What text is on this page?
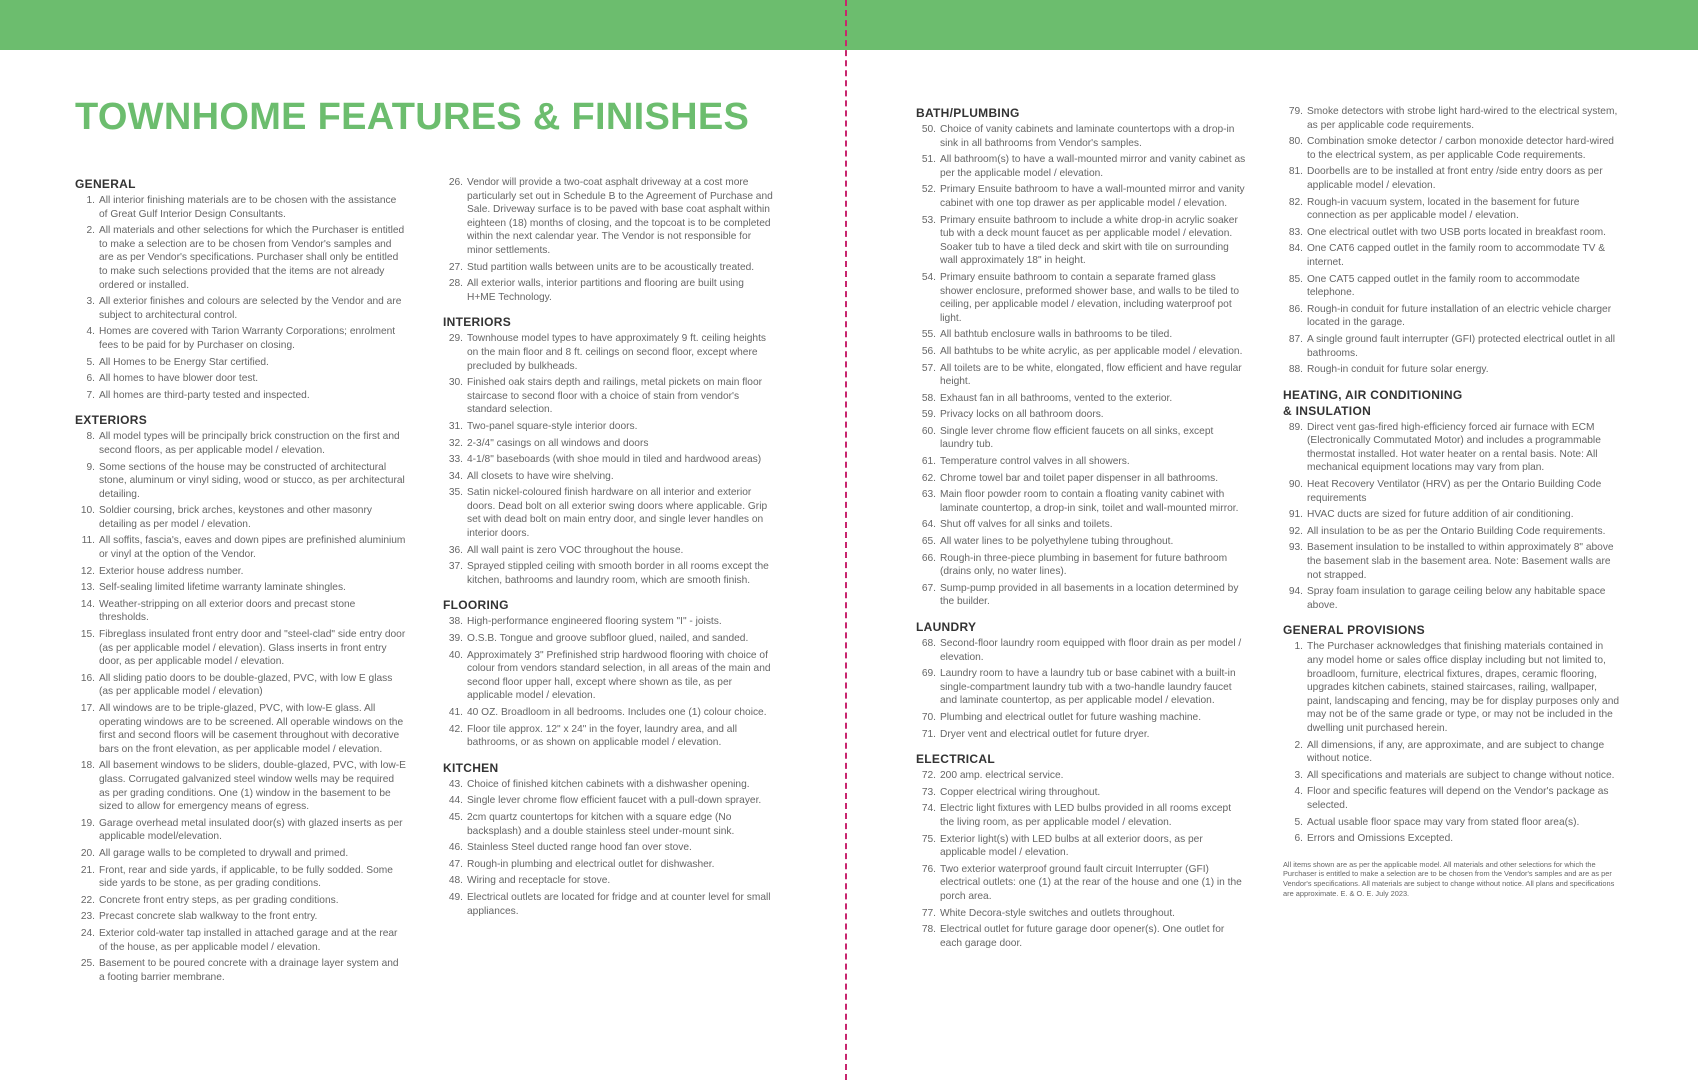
TOWNHOME FEATURES & FINISHES
GENERAL
1. All interior finishing materials are to be chosen with the assistance of Great Gulf Interior Design Consultants.
2. All materials and other selections for which the Purchaser is entitled to make a selection are to be chosen from Vendor's samples and are as per Vendor's specifications. Purchaser shall only be entitled to make such selections provided that the items are not already ordered or installed.
3. All exterior finishes and colours are selected by the Vendor and are subject to architectural control.
4. Homes are covered with Tarion Warranty Corporations; enrolment fees to be paid for by Purchaser on closing.
5. All Homes to be Energy Star certified.
6. All homes to have blower door test.
7. All homes are third-party tested and inspected.
EXTERIORS
8. All model types will be principally brick construction on the first and second floors, as per applicable model / elevation.
9. Some sections of the house may be constructed of architectural stone, aluminum or vinyl siding, wood or stucco, as per architectural detailing.
10. Soldier coursing, brick arches, keystones and other masonry detailing as per model / elevation.
11. All soffits, fascia's, eaves and down pipes are prefinished aluminium or vinyl at the option of the Vendor.
12. Exterior house address number.
13. Self-sealing limited lifetime warranty laminate shingles.
14. Weather-stripping on all exterior doors and precast stone thresholds.
15. Fibreglass insulated front entry door and "steel-clad" side entry door (as per applicable model / elevation). Glass inserts in front entry door, as per applicable model / elevation.
16. All sliding patio doors to be double-glazed, PVC, with low E glass (as per applicable model / elevation)
17. All windows are to be triple-glazed, PVC, with low-E glass. All operating windows are to be screened. All operable windows on the first and second floors will be casement throughout with decorative bars on the front elevation, as per applicable model / elevation.
18. All basement windows to be sliders, double-glazed, PVC, with low-E glass. Corrugated galvanized steel window wells may be required as per grading conditions. One (1) window in the basement to be sized to allow for emergency means of egress.
19. Garage overhead metal insulated door(s) with glazed inserts as per applicable model/elevation.
20. All garage walls to be completed to drywall and primed.
21. Front, rear and side yards, if applicable, to be fully sodded. Some side yards to be stone, as per grading conditions.
22. Concrete front entry steps, as per grading conditions.
23. Precast concrete slab walkway to the front entry.
24. Exterior cold-water tap installed in attached garage and at the rear of the house, as per applicable model / elevation.
25. Basement to be poured concrete with a drainage layer system and a footing barrier membrane.
26. Vendor will provide a two-coat asphalt driveway at a cost more particularly set out in Schedule B to the Agreement of Purchase and Sale. Driveway surface is to be paved with base coat asphalt within eighteen (18) months of closing, and the topcoat is to be completed within the next calendar year. The Vendor is not responsible for minor settlements.
27. Stud partition walls between units are to be acoustically treated.
28. All exterior walls, interior partitions and flooring are built using H+ME Technology.
INTERIORS
29. Townhouse model types to have approximately 9 ft. ceiling heights on the main floor and 8 ft. ceilings on second floor, except where precluded by bulkheads.
30. Finished oak stairs depth and railings, metal pickets on main floor staircase to second floor with a choice of stain from vendor's standard selection.
31. Two-panel square-style interior doors.
32. 2-3/4" casings on all windows and doors
33. 4-1/8" baseboards (with shoe mould in tiled and hardwood areas)
34. All closets to have wire shelving.
35. Satin nickel-coloured finish hardware on all interior and exterior doors. Dead bolt on all exterior swing doors where applicable. Grip set with dead bolt on main entry door, and single lever handles on interior doors.
36. All wall paint is zero VOC throughout the house.
37. Sprayed stippled ceiling with smooth border in all rooms except the kitchen, bathrooms and laundry room, which are smooth finish.
FLOORING
38. High-performance engineered flooring system "I" - joists.
39. O.S.B. Tongue and groove subfloor glued, nailed, and sanded.
40. Approximately 3" Prefinished strip hardwood flooring with choice of colour from vendors standard selection, in all areas of the main and second floor upper hall, except where shown as tile, as per applicable model / elevation.
41. 40 OZ. Broadloom in all bedrooms. Includes one (1) colour choice.
42. Floor tile approx. 12" x 24" in the foyer, laundry area, and all bathrooms, or as shown on applicable model / elevation.
KITCHEN
43. Choice of finished kitchen cabinets with a dishwasher opening.
44. Single lever chrome flow efficient faucet with a pull-down sprayer.
45. 2cm quartz countertops for kitchen with a square edge (No backsplash) and a double stainless steel under-mount sink.
46. Stainless Steel ducted range hood fan over stove.
47. Rough-in plumbing and electrical outlet for dishwasher.
48. Wiring and receptacle for stove.
49. Electrical outlets are located for fridge and at counter level for small appliances.
BATH/PLUMBING
50. Choice of vanity cabinets and laminate countertops with a drop-in sink in all bathrooms from Vendor's samples.
51. All bathroom(s) to have a wall-mounted mirror and vanity cabinet as per the applicable model / elevation.
52. Primary Ensuite bathroom to have a wall-mounted mirror and vanity cabinet with one top drawer as per applicable model / elevation.
53. Primary ensuite bathroom to include a white drop-in acrylic soaker tub with a deck mount faucet as per applicable model / elevation. Soaker tub to have a tiled deck and skirt with tile on surrounding wall approximately 18" in height.
54. Primary ensuite bathroom to contain a separate framed glass shower enclosure, preformed shower base, and walls to be tiled to ceiling, per applicable model / elevation, including waterproof pot light.
55. All bathtub enclosure walls in bathrooms to be tiled.
56. All bathtubs to be white acrylic, as per applicable model / elevation.
57. All toilets are to be white, elongated, flow efficient and have regular height.
58. Exhaust fan in all bathrooms, vented to the exterior.
59. Privacy locks on all bathroom doors.
60. Single lever chrome flow efficient faucets on all sinks, except laundry tub.
61. Temperature control valves in all showers.
62. Chrome towel bar and toilet paper dispenser in all bathrooms.
63. Main floor powder room to contain a floating vanity cabinet with laminate countertop, a drop-in sink, toilet and wall-mounted mirror.
64. Shut off valves for all sinks and toilets.
65. All water lines to be polyethylene tubing throughout.
66. Rough-in three-piece plumbing in basement for future bathroom (drains only, no water lines).
67. Sump-pump provided in all basements in a location determined by the builder.
LAUNDRY
68. Second-floor laundry room equipped with floor drain as per model / elevation.
69. Laundry room to have a laundry tub or base cabinet with a built-in single-compartment laundry tub with a two-handle laundry faucet and laminate countertop, as per applicable model / elevation.
70. Plumbing and electrical outlet for future washing machine.
71. Dryer vent and electrical outlet for future dryer.
ELECTRICAL
72. 200 amp. electrical service.
73. Copper electrical wiring throughout.
74. Electric light fixtures with LED bulbs provided in all rooms except the living room, as per applicable model / elevation.
75. Exterior light(s) with LED bulbs at all exterior doors, as per applicable model / elevation.
76. Two exterior waterproof ground fault circuit Interrupter (GFI) electrical outlets: one (1) at the rear of the house and one (1) in the porch area.
77. White Decora-style switches and outlets throughout.
78. Electrical outlet for future garage door opener(s). One outlet for each garage door.
79. Smoke detectors with strobe light hard-wired to the electrical system, as per applicable code requirements.
80. Combination smoke detector / carbon monoxide detector hard-wired to the electrical system, as per applicable Code requirements.
81. Doorbells are to be installed at front entry /side entry doors as per applicable model / elevation.
82. Rough-in vacuum system, located in the basement for future connection as per applicable model / elevation.
83. One electrical outlet with two USB ports located in breakfast room.
84. One CAT6 capped outlet in the family room to accommodate TV & internet.
85. One CAT5 capped outlet in the family room to accommodate telephone.
86. Rough-in conduit for future installation of an electric vehicle charger located in the garage.
87. A single ground fault interrupter (GFI) protected electrical outlet in all bathrooms.
88. Rough-in conduit for future solar energy.
HEATING, AIR CONDITIONING
& INSULATION
89. Direct vent gas-fired high-efficiency forced air furnace with ECM (Electronically Commutated Motor) and includes a programmable thermostat installed. Hot water heater on a rental basis. Note: All mechanical equipment locations may vary from plan.
90. Heat Recovery Ventilator (HRV) as per the Ontario Building Code requirements
91. HVAC ducts are sized for future addition of air conditioning.
92. All insulation to be as per the Ontario Building Code requirements.
93. Basement insulation to be installed to within approximately 8" above the basement slab in the basement area. Note: Basement walls are not strapped.
94. Spray foam insulation to garage ceiling below any habitable space above.
GENERAL PROVISIONS
1. The Purchaser acknowledges that finishing materials contained in any model home or sales office display including but not limited to, broadloom, furniture, electrical fixtures, drapes, ceramic flooring, upgrades kitchen cabinets, stained staircases, railing, wallpaper, paint, landscaping and fencing, may be for display purposes only and may not be of the same grade or type, or may not be included in the dwelling unit purchased herein.
2. All dimensions, if any, are approximate, and are subject to change without notice.
3. All specifications and materials are subject to change without notice.
4. Floor and specific features will depend on the Vendor's package as selected.
5. Actual usable floor space may vary from stated floor area(s).
6. Errors and Omissions Excepted.
All items shown are as per the applicable model. All materials and other selections for which the Purchaser is entitled to make a selection are to be chosen from the Vendor's samples and are as per Vendor's specifications. All materials are subject to change without notice. All plans and specifications are approximate. E. & O. E. July 2023.
